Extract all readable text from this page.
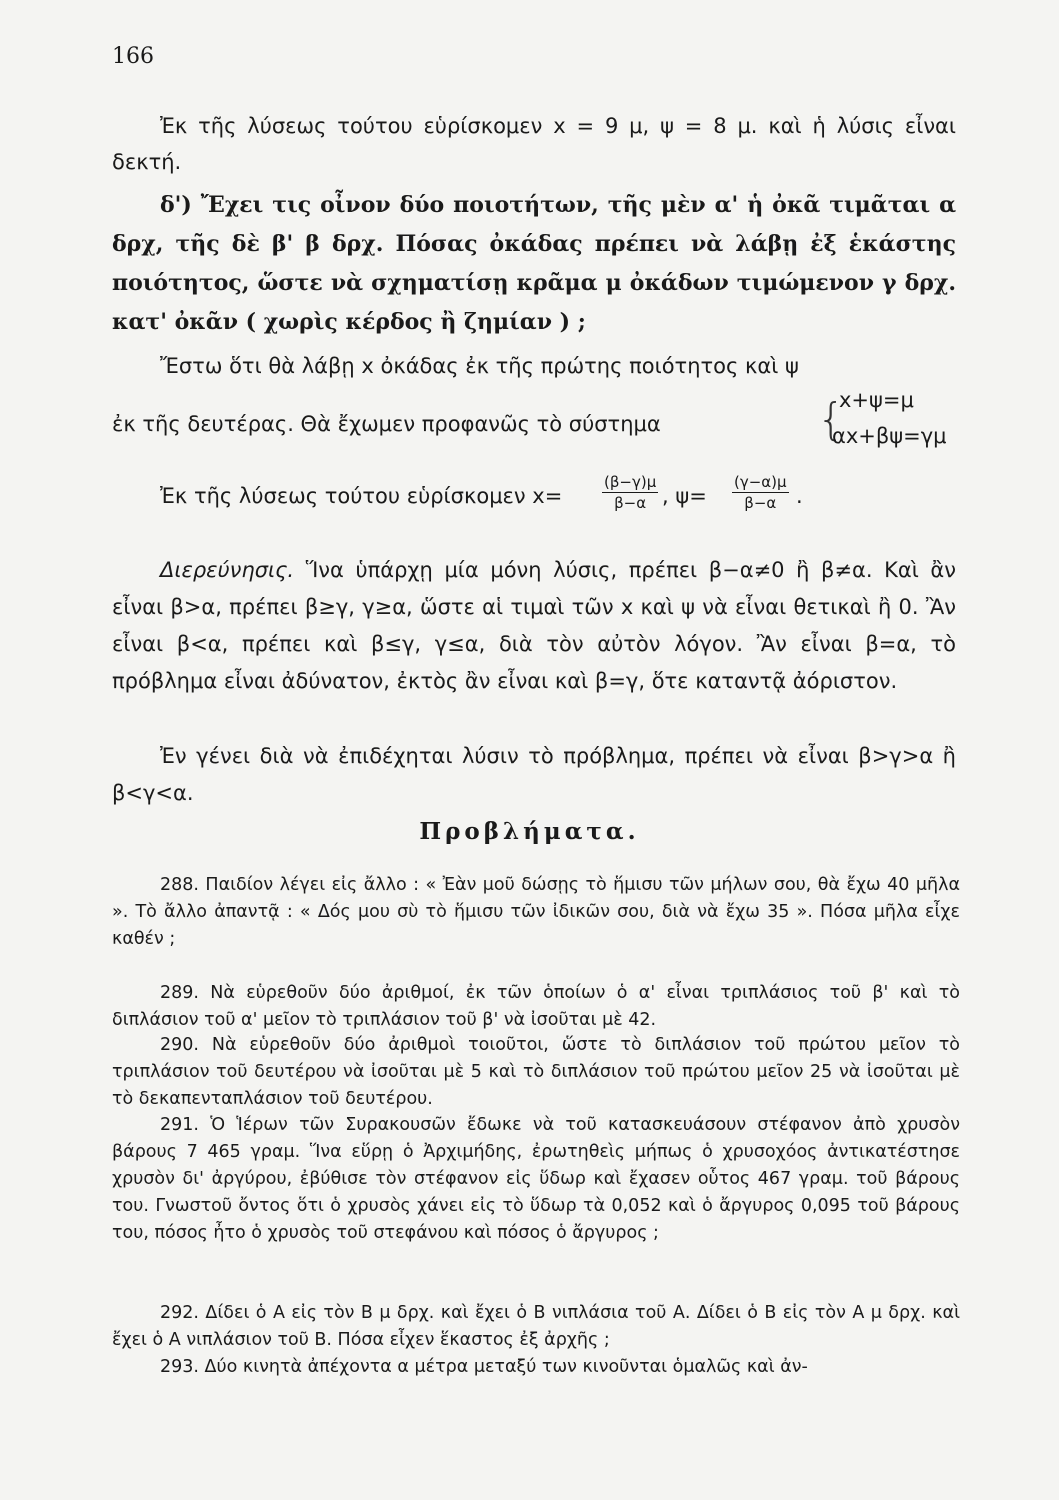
166

Ἐκ τῆς λύσεως τούτου εὑρίσκομεν x = 9 μ, ψ = 8 μ. καὶ ἡ λύσις εἶναι δεκτή.

δ') Ἔχει τις οἶνον δύο ποιοτήτων, τῆς μὲν α' ἡ ὀκᾶ τιμᾶται α δρχ, τῆς δὲ β' β δρχ. Πόσας ὀκάδας πρέπει νὰ λάβῃ ἐξ ἑκάστης ποιότητος, ὥστε νὰ σχηματίσῃ κρᾶμα μ ὀκάδων τιμώμενον γ δρχ. κατ' ὀκᾶν ( χωρὶς κέρδος ἢ ζημίαν ) ;

Ἔστω ὅτι θὰ λάβῃ x ὀκάδας ἐκ τῆς πρώτης ποιότητος καὶ ψ

ἐκ τῆς δευτέρας. Θὰ ἔχωμεν προφανῶς τὸ σύστημα	{
x+ψ=μ
αx+βψ=γμ
Ἐκ τῆς λύσεως τούτου εὑρίσκομεν x=	$\frac{(\beta-\gamma)\mu}{\beta-\alpha}$ , $\psi= \frac{(\gamma-\alpha)\mu}{\beta-\alpha}$ .

Διερεύνησις. Ἵνα ὑπάρχῃ μία μόνη λύσις, πρέπει β−α≠0 ἢ β≠α. Καὶ ἂν εἶναι β>α, πρέπει β≥γ, γ≥α, ὥστε αἱ τιμαὶ τῶν x καὶ ψ νὰ εἶναι θετικαὶ ἢ 0. Ἂν εἶναι β<α, πρέπει καὶ β≤γ, γ≤α, διὰ τὸν αὐτὸν λόγον. Ἂν εἶναι β=α, τὸ πρόβλημα εἶναι ἀδύνατον, ἐκτὸς ἂν εἶναι καὶ β=γ, ὅτε καταντᾷ ἀόριστον.

Ἐν γένει διὰ νὰ ἐπιδέχηται λύσιν τὸ πρόβλημα, πρέπει νὰ εἶναι β>γ>α ἢ β<γ<α.

Προβλήματα.

288. Παιδίον λέγει εἰς ἄλλο : « Ἐὰν μοῦ δώσῃς τὸ ἥμισυ τῶν μήλων σου, θὰ ἔχω 40 μῆλα ». Τὸ ἄλλο ἀπαντᾷ : « Δός μου σὺ τὸ ἥμισυ τῶν ἰδικῶν σου, διὰ νὰ ἔχω 35 ». Πόσα μῆλα εἶχε καθέν ;

289. Νὰ εὑρεθοῦν δύο ἀριθμοί, ἐκ τῶν ὁποίων ὁ α' εἶναι τριπλάσιος τοῦ β' καὶ τὸ διπλάσιον τοῦ α' μεῖον τὸ τριπλάσιον τοῦ β' νὰ ἰσοῦται μὲ 42.

290. Νὰ εὑρεθοῦν δύο ἀριθμοὶ τοιοῦτοι, ὥστε τὸ διπλάσιον τοῦ πρώτου μεῖον τὸ τριπλάσιον τοῦ δευτέρου νὰ ἰσοῦται μὲ 5 καὶ τὸ διπλάσιον τοῦ πρώτου μεῖον 25 νὰ ἰσοῦται μὲ τὸ δεκαπενταπλάσιον τοῦ δευτέρου.

291. Ὁ Ἱέρων τῶν Συρακουσῶν ἔδωκε νὰ τοῦ κατασκευάσουν στέφανον ἀπὸ χρυσὸν βάρους 7 465 γραμ. Ἵνα εὕρῃ ὁ Ἀρχιμήδης, ἐρωτηθεὶς μήπως ὁ χρυσοχόος ἀντικατέστησε χρυσὸν δι' ἀργύρου, ἐβύθισε τὸν στέφανον εἰς ὕδωρ καὶ ἔχασεν οὗτος 467 γραμ. τοῦ βάρους του. Γνωστοῦ ὄντος ὅτι ὁ χρυσὸς χάνει εἰς τὸ ὕδωρ τὰ 0,052 καὶ ὁ ἄργυρος 0,095 τοῦ βάρους του, πόσος ἦτο ὁ χρυσὸς τοῦ στεφάνου καὶ πόσος ὁ ἄργυρος ;

292. Δίδει ὁ Α εἰς τὸν Β μ δρχ. καὶ ἔχει ὁ Β νιπλάσια τοῦ Α. Δίδει ὁ Β εἰς τὸν Α μ δρχ. καὶ ἔχει ὁ Α νιπλάσιον τοῦ Β. Πόσα εἶχεν ἕκαστος ἐξ ἀρχῆς ;

293. Δύο κινητὰ ἀπέχοντα α μέτρα μεταξύ των κινοῦνται ὁμαλῶς καὶ ἀν-
